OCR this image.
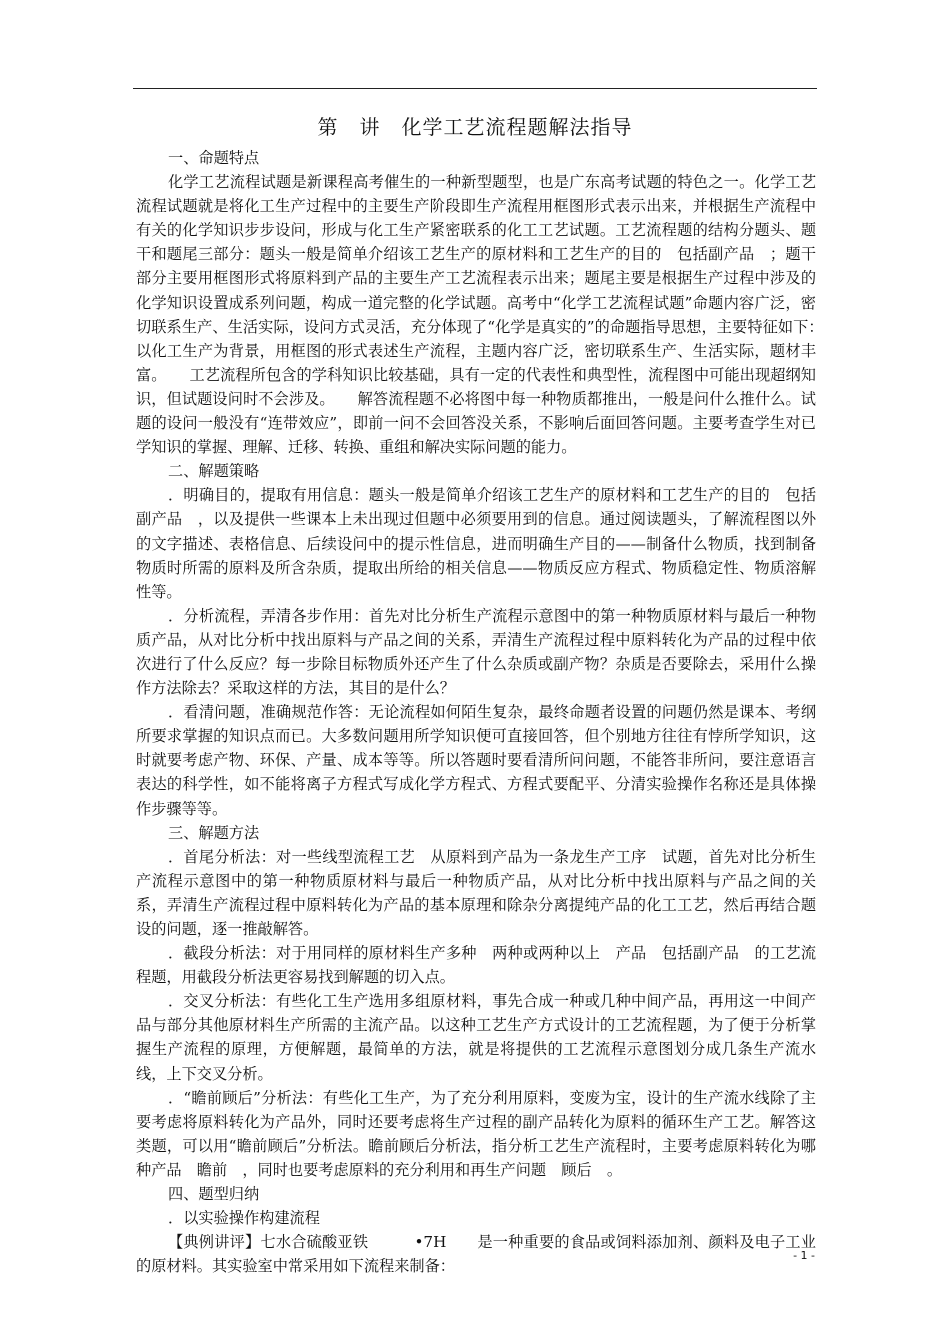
第　讲　化学工艺流程题解法指导

一、命题特点

化学工艺流程试题是新课程高考催生的一种新型题型，也是广东高考试题的特色之一。化学工艺流程试题就是将化工生产过程中的主要生产阶段即生产流程用框图形式表示出来，并根据生产流程中有关的化学知识步步设问，形成与化工生产紧密联系的化工工艺试题。工艺流程题的结构分题头、题干和题尾三部分：题头一般是简单介绍该工艺生产的原材料和工艺生产的目的　包括副产品　；题干部分主要用框图形式将原料到产品的主要生产工艺流程表示出来；题尾主要是根据生产过程中涉及的化学知识设置成系列问题，构成一道完整的化学试题。高考中“化学工艺流程试题”命题内容广泛，密切联系生产、生活实际，设问方式灵活，充分体现了“化学是真实的”的命题指导思想，主要特征如下：　　以化工生产为背景，用框图的形式表述生产流程，主题内容广泛，密切联系生产、生活实际，题材丰富。　　工艺流程所包含的学科知识比较基础，具有一定的代表性和典型性，流程图中可能出现超纲知识，但试题设问时不会涉及。　　解答流程题不必将图中每一种物质都推出，一般是问什么推什么。试题的设问一般没有“连带效应”，即前一问不会回答没关系，不影响后面回答问题。主要考查学生对已学知识的掌握、理解、迁移、转换、重组和解决实际问题的能力。

二、解题策略

．明确目的，提取有用信息：题头一般是简单介绍该工艺生产的原材料和工艺生产的目的　包括副产品　，以及提供一些课本上未出现过但题中必须要用到的信息。通过阅读题头，了解流程图以外的文字描述、表格信息、后续设问中的提示性信息，进而明确生产目的——制备什么物质，找到制备物质时所需的原料及所含杂质，提取出所给的相关信息——物质反应方程式、物质稳定性、物质溶解性等。

．分析流程，弄清各步作用：首先对比分析生产流程示意图中的第一种物质原材料与最后一种物质产品，从对比分析中找出原料与产品之间的关系，弄清生产流程过程中原料转化为产品的过程中依次进行了什么反应？每一步除目标物质外还产生了什么杂质或副产物？杂质是否要除去，采用什么操作方法除去？采取这样的方法，其目的是什么？

．看清问题，准确规范作答：无论流程如何陌生复杂，最终命题者设置的问题仍然是课本、考纲所要求掌握的知识点而已。大多数问题用所学知识便可直接回答，但个别地方往往有悖所学知识，这时就要考虑产物、环保、产量、成本等等。所以答题时要看清所问问题，不能答非所问，要注意语言表达的科学性，如不能将离子方程式写成化学方程式、方程式要配平、分清实验操作名称还是具体操作步骤等等。

三、解题方法

．首尾分析法：对一些线型流程工艺　从原料到产品为一条龙生产工序　试题，首先对比分析生产流程示意图中的第一种物质原材料与最后一种物质产品，从对比分析中找出原料与产品之间的关系，弄清生产流程过程中原料转化为产品的基本原理和除杂分离提纯产品的化工工艺，然后再结合题设的问题，逐一推敲解答。

．截段分析法：对于用同样的原材料生产多种　两种或两种以上　产品　包括副产品　的工艺流程题，用截段分析法更容易找到解题的切入点。

．交叉分析法：有些化工生产选用多组原材料，事先合成一种或几种中间产品，再用这一中间产品与部分其他原材料生产所需的主流产品。以这种工艺生产方式设计的工艺流程题，为了便于分析掌握生产流程的原理，方便解题，最简单的方法，就是将提供的工艺流程示意图划分成几条生产流水线，上下交叉分析。

．“瞻前顾后”分析法：有些化工生产，为了充分利用原料，变废为宝，设计的生产流水线除了主要考虑将原料转化为产品外，同时还要考虑将生产过程的副产品转化为原料的循环生产工艺。解答这类题，可以用“瞻前顾后”分析法。瞻前顾后分析法，指分析工艺生产流程时，主要考虑原料转化为哪种产品　瞻前　，同时也要考虑原料的充分利用和再生产问题　顾后　。

四、题型归纳

．以实验操作构建流程

【典例讲评】七水合硫酸亚铁　　　•7H　　是一种重要的食品或饲料添加剂、颜料及电子工业的原材料。其实验室中常采用如下流程来制备：

- 1 -
